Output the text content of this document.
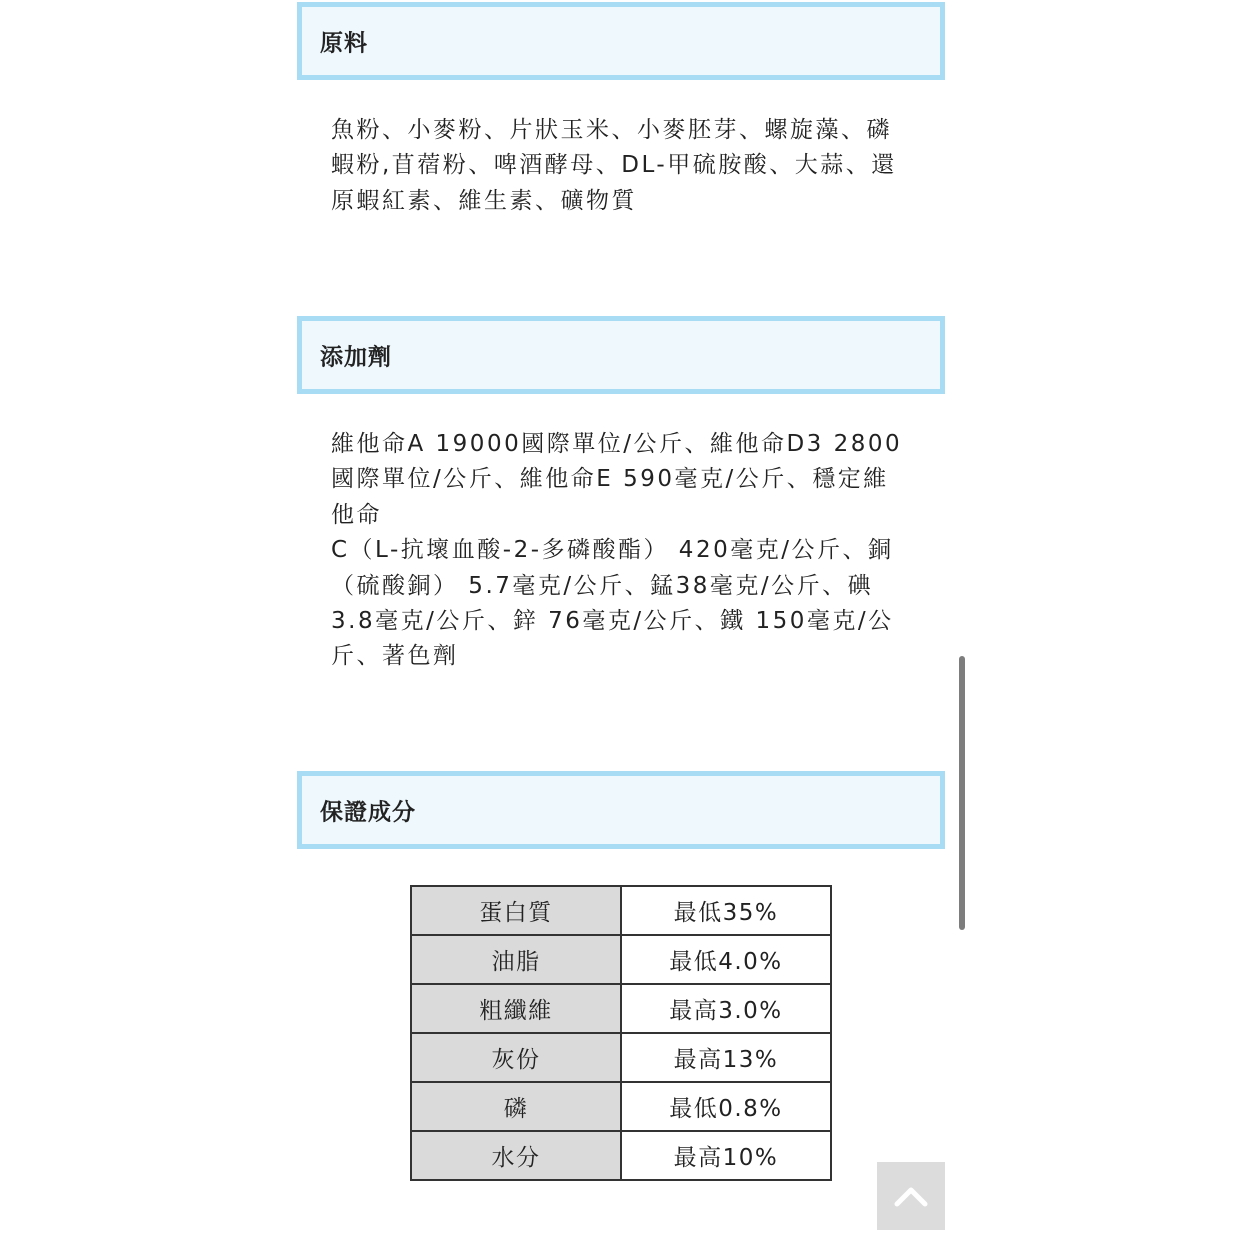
原料
魚粉、小麥粉、片狀玉米、小麥胚芽、螺旋藻、磷
蝦粉,苜蓿粉、啤酒酵母、DL-甲硫胺酸、大蒜、還
原蝦紅素、維生素、礦物質
添加劑
維他命A 19000國際單位/公斤、維他命D3 2800
國際單位/公斤、維他命E 590毫克/公斤、穩定維
他命
C（L-抗壞血酸-2-多磷酸酯） 420毫克/公斤、銅
（硫酸銅） 5.7毫克/公斤、錳38毫克/公斤、碘
3.8毫克/公斤、鋅 76毫克/公斤、鐵 150毫克/公
斤、著色劑
保證成分
蛋白質	最低35%
油脂	最低4.0%
粗纖維	最高3.0%
灰份	最高13%
磷	最低0.8%
水分	最高10%
